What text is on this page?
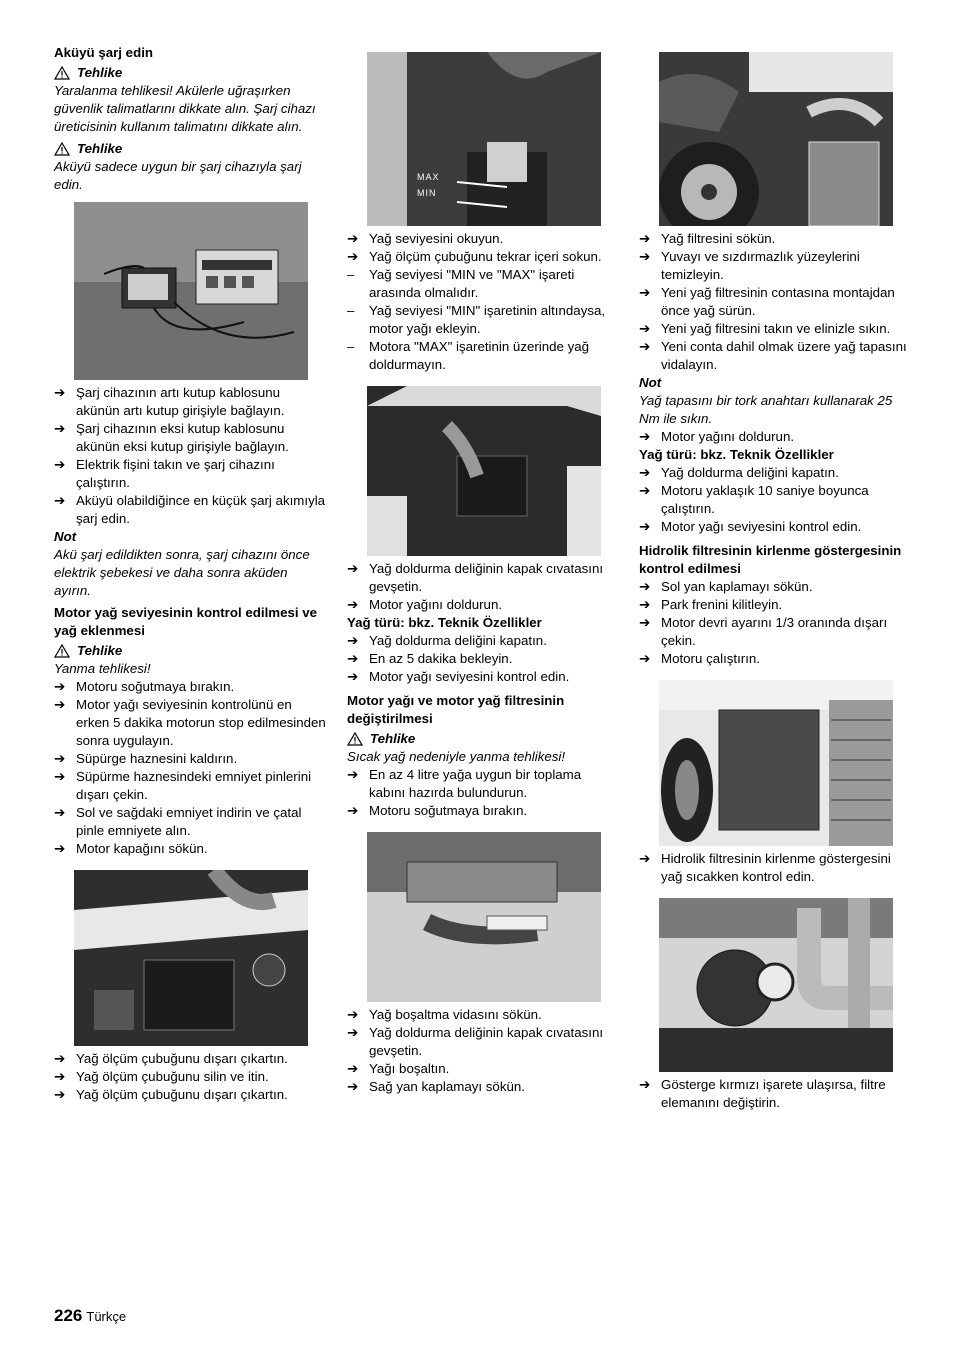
Aküyü şarj edin

Tehlike

Yaralanma tehlikesi! Akülerle uğraşırken güvenlik talimatlarını dikkate alın. Şarj cihazı üreticisinin kullanım talimatını dikkate alın.

Tehlike

Aküyü sadece uygun bir şarj cihazıyla şarj edin.

➔ Şarj cihazının artı kutup kablosunu akünün artı kutup girişiyle bağlayın.
➔ Şarj cihazının eksi kutup kablosunu akünün eksi kutup girişiyle bağlayın.
➔ Elektrik fişini takın ve şarj cihazını çalıştırın.
➔ Aküyü olabildiğince en küçük şarj akımıyla şarj edin.

Not

Akü şarj edildikten sonra, şarj cihazını önce elektrik şebekesi ve daha sonra aküden ayırın.

Motor yağ seviyesinin kontrol edilmesi ve yağ eklenmesi

Tehlike

Yanma tehlikesi!

➔ Motoru soğutmaya bırakın.
➔ Motor yağı seviyesinin kontrolünü en erken 5 dakika motorun stop edilmesinden sonra uygulayın.
➔ Süpürge haznesini kaldırın.
➔ Süpürme haznesindeki emniyet pinlerini dışarı çekin.
➔ Sol ve sağdaki emniyet indirin ve çatal pinle emniyete alın.
➔ Motor kapağını sökün.
➔ Yağ ölçüm çubuğunu dışarı çıkartın.
➔ Yağ ölçüm çubuğunu silin ve itin.
➔ Yağ ölçüm çubuğunu dışarı çıkartın.
MAX
MIN
➔ Yağ seviyesini okuyun.
➔ Yağ ölçüm çubuğunu tekrar içeri sokun.
–	Yağ seviyesi "MIN ve "MAX" işareti arasında olmalıdır.
–	Yağ seviyesi "MIN" işaretinin altındaysa, motor yağı ekleyin.
–	Motora "MAX" işaretinin üzerinde yağ doldurmayın.
➔ Yağ doldurma deliğinin kapak cıvatasını gevşetin.
➔ Motor yağını doldurun.

Yağ türü: bkz. Teknik Özellikler

➔ Yağ doldurma deliğini kapatın.
➔ En az 5 dakika bekleyin.
➔ Motor yağı seviyesini kontrol edin.

Motor yağı ve motor yağ filtresinin değiştirilmesi

Tehlike

Sıcak yağ nedeniyle yanma tehlikesi!

➔ En az 4 litre yağa uygun bir toplama kabını hazırda bulundurun.
➔ Motoru soğutmaya bırakın.
➔ Yağ boşaltma vidasını sökün.
➔ Yağ doldurma deliğinin kapak cıvatasını gevşetin.
➔ Yağı boşaltın.
➔ Sağ yan kaplamayı sökün.
➔ Yağ filtresini sökün.
➔ Yuvayı ve sızdırmazlık yüzeylerini temizleyin.
➔ Yeni yağ filtresinin contasına montajdan önce yağ sürün.
➔ Yeni yağ filtresini takın ve elinizle sıkın.
➔ Yeni conta dahil olmak üzere yağ tapasını vidalayın.

Not

Yağ tapasını bir tork anahtarı kullanarak 25 Nm ile sıkın.

➔ Motor yağını doldurun.

Yağ türü: bkz. Teknik Özellikler

➔ Yağ doldurma deliğini kapatın.
➔ Motoru yaklaşık 10 saniye boyunca çalıştırın.
➔ Motor yağı seviyesini kontrol edin.

Hidrolik filtresinin kirlenme göstergesinin kontrol edilmesi

➔ Sol yan kaplamayı sökün.
➔ Park frenini kilitleyin.
➔ Motor devri ayarını 1/3 oranında dışarı çekin.
➔ Motoru çalıştırın.
➔ Hidrolik filtresinin kirlenme göstergesini yağ sıcakken kontrol edin.
➔ Gösterge kırmızı işarete ulaşırsa, filtre elemanını değiştirin.
226 Türkçe
